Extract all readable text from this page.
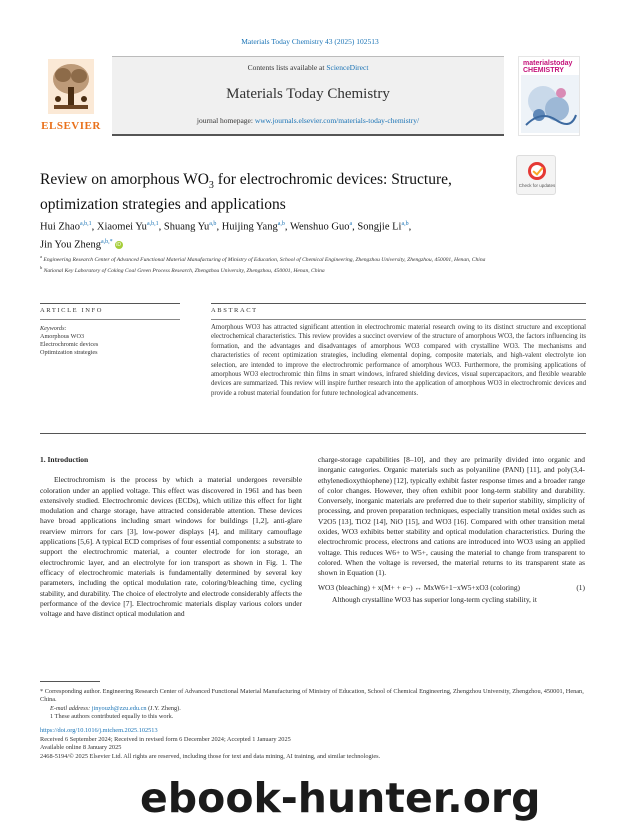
Materials Today Chemistry 43 (2025) 102513
ELSEVIER
Contents lists available at ScienceDirect
Materials Today Chemistry
journal homepage: www.journals.elsevier.com/materials-today-chemistry/
materialstoday
CHEMISTRY
Review on amorphous $WO_3$ for electrochromic devices: Structure, optimization strategies and applications
Check for updates
Hui Zhao$^{a,b,1}$, Xiaomei Yu$^{a,b,1}$, Shuang Yu$^{a,b}$, Huijing Yang$^{a,b}$, Wenshuo Guo$^a$, Songjie Li$^{a,b}$,
Jin You Zheng$^{a,b,*}$iD
$^a$ Engineering Research Center of Advanced Functional Material Manufacturing of Ministry of Education, School of Chemical Engineering, Zhengzhou University, Zhengzhou, 450001, Henan, China
$^b$ National Key Laboratory of Coking Coal Green Process Research, Zhengzhou University, Zhengzhou, 450001, Henan, China
ARTICLE INFO	ABSTRACT
Keywords:
Amorphous WO3
Electrochromic devices
Optimization strategies
Amorphous WO3 has attracted significant attention in electrochromic material research owing to its distinct structure and exceptional electrochemical characteristics. This review provides a succinct overview of the structure of amorphous WO3, the factors influencing its formation, and the advantages and disadvantages of amorphous WO3 compared with crystalline WO3. The mechanisms and characteristics of recent optimization strategies, including elemental doping, composite materials, and high-valent electrolyte ion selection, are intended to improve the electrochromic performance of amorphous WO3. Furthermore, the promising applications of amorphous WO3 electrochromic thin films in smart windows, infrared shielding devices, visual supercapacitors, and flexible wearable devices are summarized. This review will inspire further research into the application of amorphous WO3 in electrochromic devices and provide a robust material foundation for future technological advancements.
1. Introduction
Electrochromism is the process by which a material undergoes reversible coloration under an applied voltage. This effect was discovered in 1961 and has been extensively studied. Electrochromic devices (ECDs), which utilize this effect for light modulation and charge storage, have attracted considerable attention. These devices have broad applications including smart windows for buildings [1,2], anti-glare rearview mirrors for cars [3], low-power displays [4], and military camouflage applications [5,6]. A typical ECD comprises of four essential components: a substrate to support the electrochromic material, a counter electrode for ion storage, an electrochromic layer, and an electrolyte for ion transport as shown in Fig. 1. The efficacy of electrochromic materials is fundamentally determined by several key parameters, including the optical modulation rate, coloring/bleaching time, cycling stability, and durability. The choice of electrolyte and electrode considerably affects the performance of the device [7]. Electrochromic materials display various colors under voltage and have distinct optical modulation and
charge-storage capabilities [8–10], and they are primarily divided into organic and inorganic categories. Organic materials such as polyaniline (PANI) [11], and poly(3,4-ethylenedioxythiophene) [12], typically exhibit faster response times and a broader range of color changes. However, they often exhibit poor long-term stability and durability. Conversely, inorganic materials are preferred due to their superior stability, simplicity of processing, and proven preparation techniques, especially transition metal oxides such as V2O5 [13], TiO2 [14], NiO [15], and WO3 [16]. Compared with other transition metal oxides, WO3 exhibits better stability and optical modulation characteristics. During the electrochromic process, electrons and cations are introduced into WO3 using an applied voltage. This reduces W6+ to W5+, causing the material to change from transparent to colored. When the voltage is reversed, the material returns to its transparent state as shown in Equation (1).
WO3 (bleaching) + x(M+ + e−) ↔ MxW6+1−xW5+xO3 (coloring)	(1)
Although crystalline WO3 has superior long-term cycling stability, it
* Corresponding author. Engineering Research Center of Advanced Functional Material Manufacturing of Ministry of Education, School of Chemical Engineering, Zhengzhou University, Zhengzhou, 450001, Henan, China.
E-mail address: jinyouzh@zzu.edu.cn (J.Y. Zheng).
1 These authors contributed equally to this work.
https://doi.org/10.1016/j.mtchem.2025.102513
Received 6 September 2024; Received in revised form 6 December 2024; Accepted 1 January 2025
Available online 8 January 2025
2468-5194/© 2025 Elsevier Ltd. All rights are reserved, including those for text and data mining, AI training, and similar technologies.
ebook-hunter.org
